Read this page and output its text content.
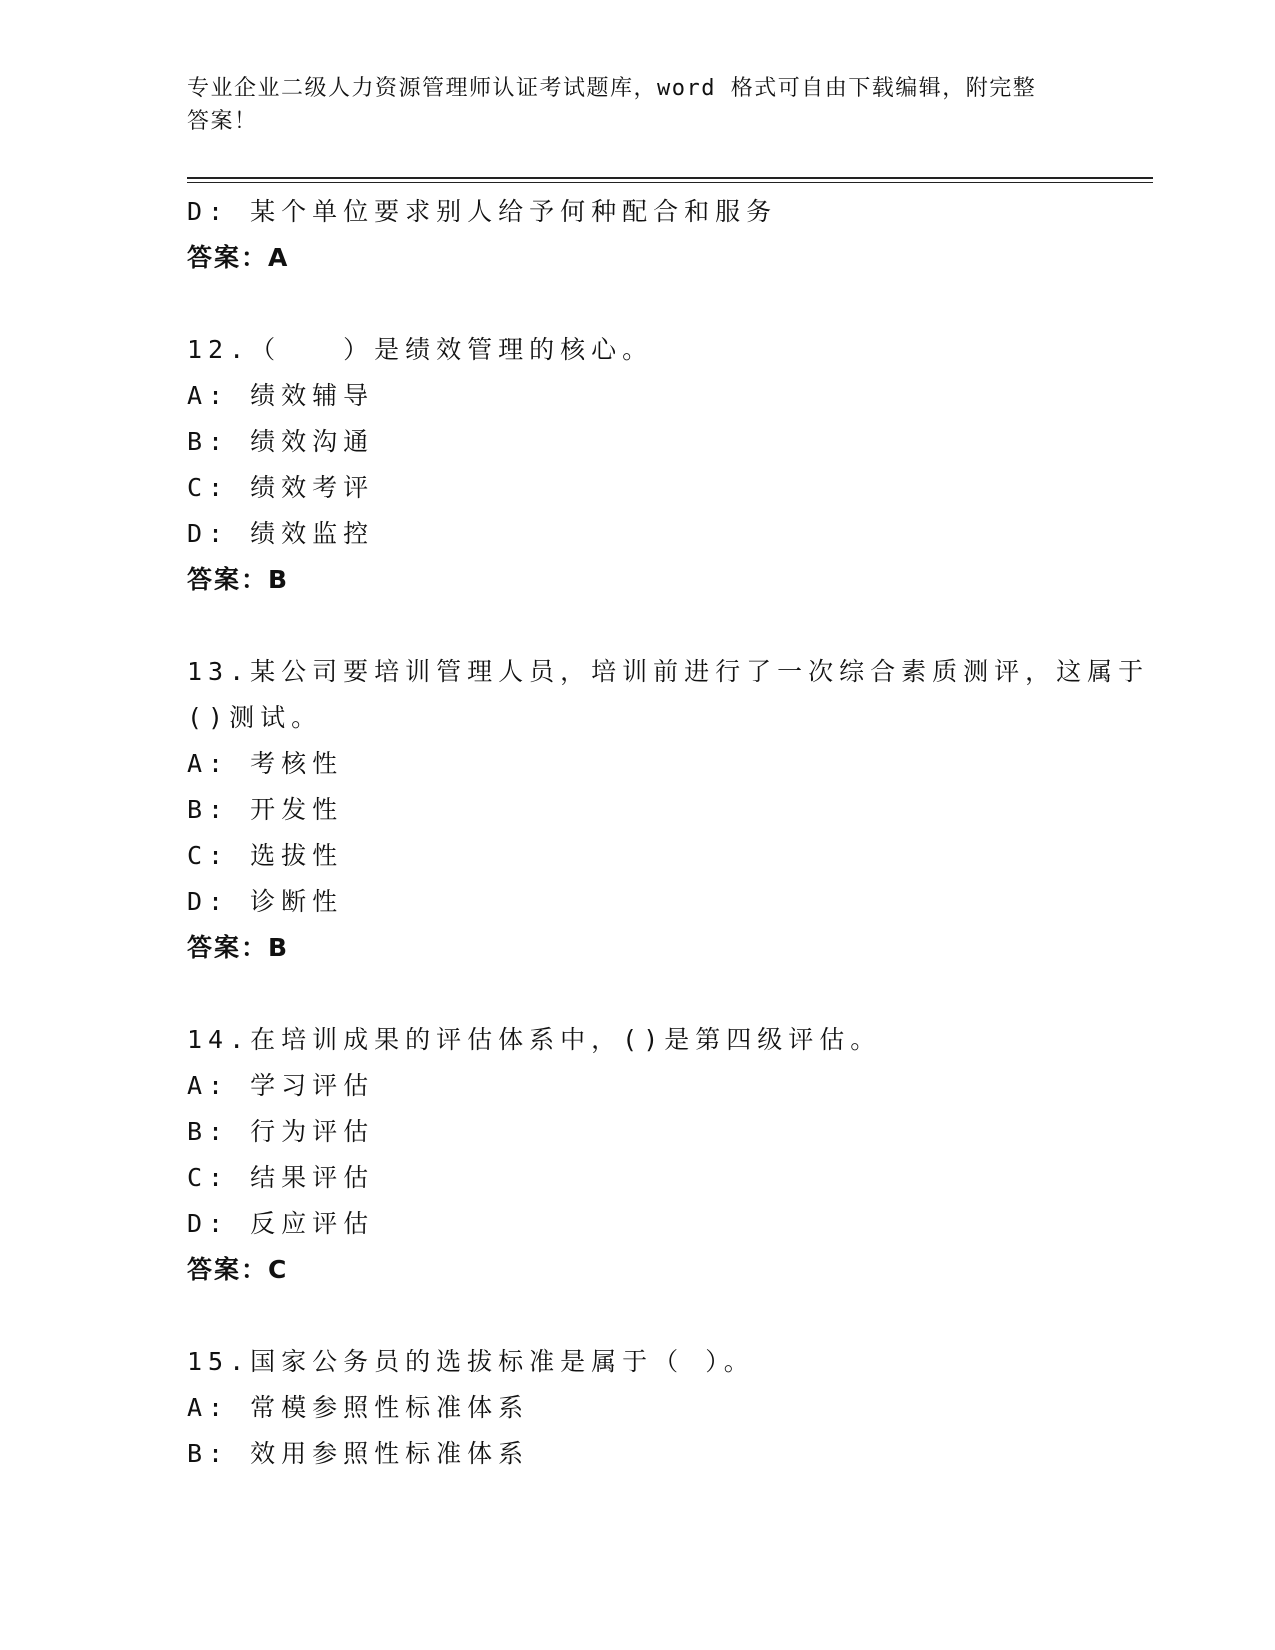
专业企业二级人力资源管理师认证考试题库，word 格式可自由下载编辑，附完整
答案！
D: 某个单位要求别人给予何种配合和服务
答案：A
12.（　　）是绩效管理的核心。
A: 绩效辅导
B: 绩效沟通
C: 绩效考评
D: 绩效监控
答案：B
13.某公司要培训管理人员，培训前进行了一次综合素质测评，这属于
()测试。
A: 考核性
B: 开发性
C: 选拔性
D: 诊断性
答案：B
14.在培训成果的评估体系中，()是第四级评估。
A: 学习评估
B: 行为评估
C: 结果评估
D: 反应评估
答案：C
15.国家公务员的选拔标准是属于（ ）。
A: 常模参照性标准体系
B: 效用参照性标准体系
